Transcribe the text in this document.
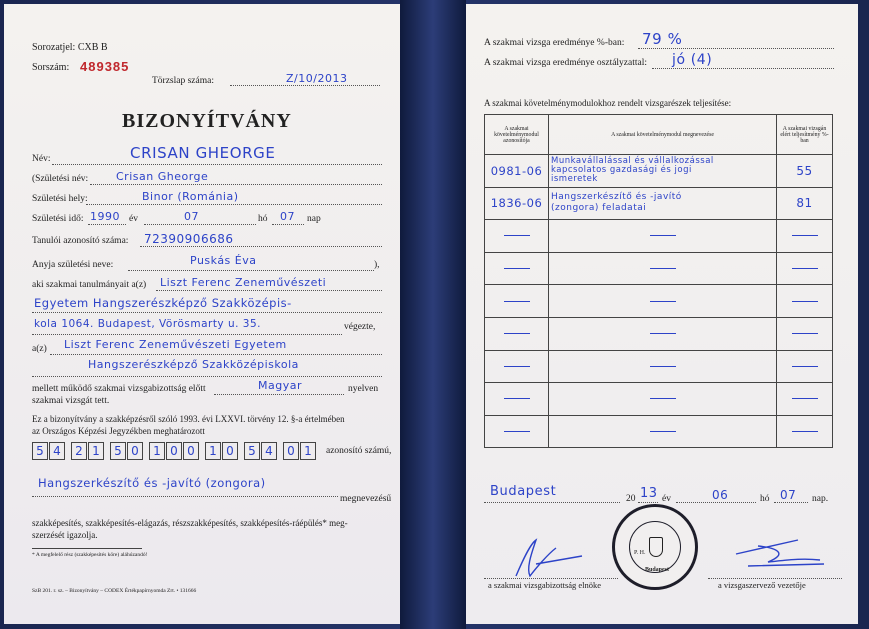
Sorozatjel: CXB B
Sorszám: 489385
Törzslap száma:	Z/10/2013
BIZONYÍTVÁNY
Név:	CRISAN GHEORGE
(Születési név:	Crisan Gheorge
Születési hely:	Binor (Románia)
Születési idő: 1990 év	07	hó 07 nap
Tanulói azonosító száma: 72390906686
Anyja születési neve:	Puskás Éva	),
aki szakmai tanulmányait a(z) Liszt Ferenc Zeneművészeti
Egyetem Hangszerészképző Szakközépis-
kola 1064. Budapest, Vörösmarty u. 35.	végezte,
a(z) Liszt Ferenc Zeneművészeti Egyetem
Hangszerészképző Szakközépiskola
mellett működő szakmai vizsgabizottság előtt	Magyar	nyelven
szakmai vizsgát tett.
Ez a bizonyítvány a szakképzésről szóló 1993. évi LXXVI. törvény 12. §-a értelmében
az Országos Képzési Jegyzékben meghatározott
5 4	2 1	5 0	1 0 0	1 0	5 4	0 1	azonosító számú,
Hangszerkészítő és -javító (zongora)
megnevezésű
szakképesítés, szakképesítés-elágazás, részszakképesítés, szakképesítés-ráépülés* meg-
szerzését igazolja.
* A megfelelő rész (szakképesítés köre) aláhúzandó!
SzB 201. r. sz. – Bizonyítvány – CODEX Értékpapírnyomda Zrt. • 131666
A szakmai vizsga eredménye %-ban: 79 %
A szakmai vizsga eredménye osztályzattal: jó (4)
A szakmai követelménymodulokhoz rendelt vizsgarészek teljesítése:
A szakmai követelménymodul azonosítója	A szakmai követelménymodul megnevezése	A szakmai vizsgán elért teljesítmény %-ban
0981-06	Munkavállalással és vállalkozással
kapcsolatos gazdasági és jogi
ismeretek	55
1836-06	Hangszerkészítő és -javító
(zongora) feladatai	81

Budapest	20 13 év	06	hó 07 nap.
a szakmai vizsgabizottság elnöke
Budapest
P. H.
a vizsgaszervező vezetője
